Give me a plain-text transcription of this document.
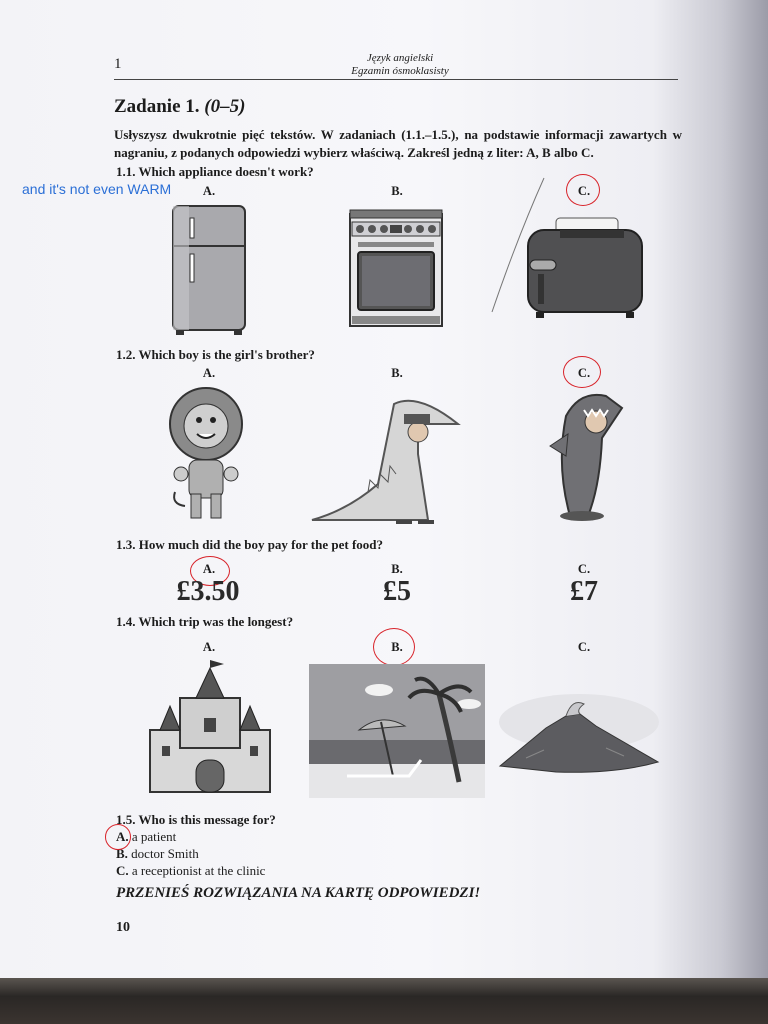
1	Język angielski
Egzamin ósmoklasisty
Zadanie 1. (0–5)
Usłyszysz dwukrotnie pięć tekstów. W zadaniach (1.1.–1.5.), na podstawie informacji zawartych w nagraniu, z podanych odpowiedzi wybierz właściwą. Zakreśl jedną z liter: A, B albo C.
and it's not even WARM
1.1. Which appliance doesn't work?
A.	B.	C.
1.2. Which boy is the girl's brother?
A.	B.	C.
1.3. How much did the boy pay for the pet food?
A.	B.	C.
£3.50	£5	£7
1.4. Which trip was the longest?
A.	B.	C.
1.5. Who is this message for?
A. a patient
B. doctor Smith
C. a receptionist at the clinic
PRZENIEŚ ROZWIĄZANIA NA KARTĘ ODPOWIEDZI!
10
